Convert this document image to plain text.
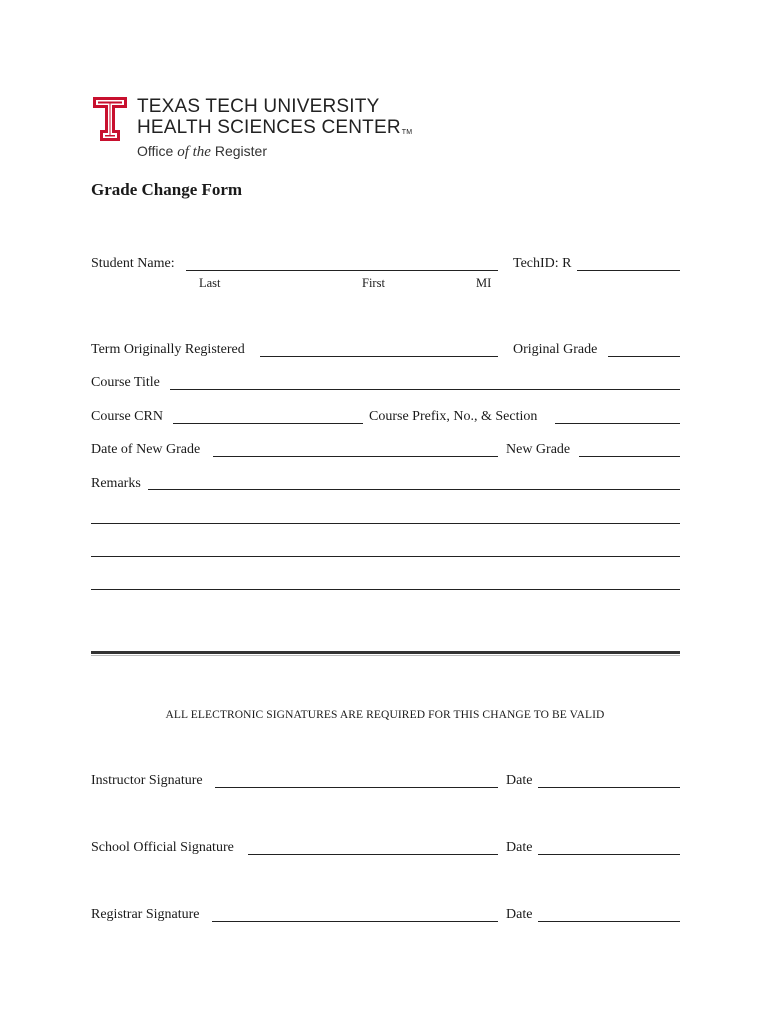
TEXAS TECH UNIVERSITY
HEALTH SCIENCES CENTERTM
Office of the Register
Grade Change Form
Student Name:	TechID: R
Last	First	MI
Term Originally Registered	Original Grade
Course Title
Course CRN	Course Prefix, No., & Section
Date of New Grade	New Grade
Remarks
ALL ELECTRONIC SIGNATURES ARE REQUIRED FOR THIS CHANGE TO BE VALID
Instructor Signature	Date
School Official Signature	Date
Registrar Signature	Date
